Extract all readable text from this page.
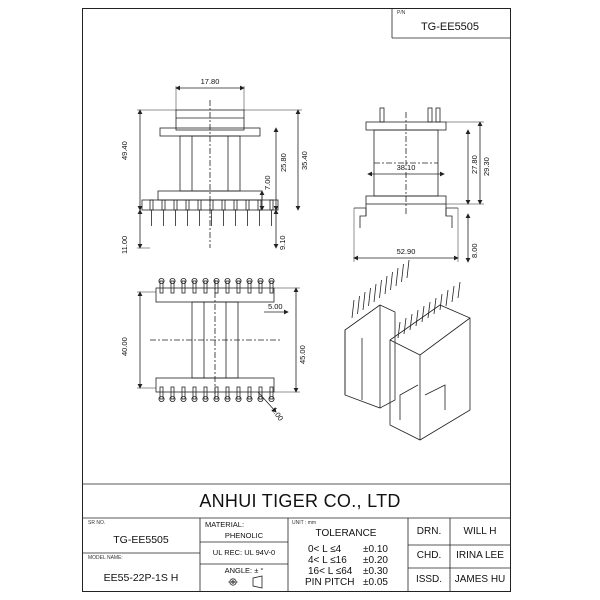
P/N
TG-EE5505
17.80
49.40
11.00
35.40
25.80
7.00
9.10
38.10
52.90
27.80 29.30
8.00
40.00	45.00
5.00
1.00
ANHUI TIGER CO., LTD
SR NO.
TG-EE5505
MODEL NAME:
EE55-22P-1S H
MATERIAL:
PHENOLIC
UL REC: UL 94V-0
ANGLE: ± °
UNIT : mm
TOLERANCE
0< L ≤4 ±0.10
4< L ≤16 ±0.20
16< L ≤64 ±0.30
PIN PITCH ±0.05
DRN. WILL H
CHD. IRINA LEE
ISSD. JAMES HU
